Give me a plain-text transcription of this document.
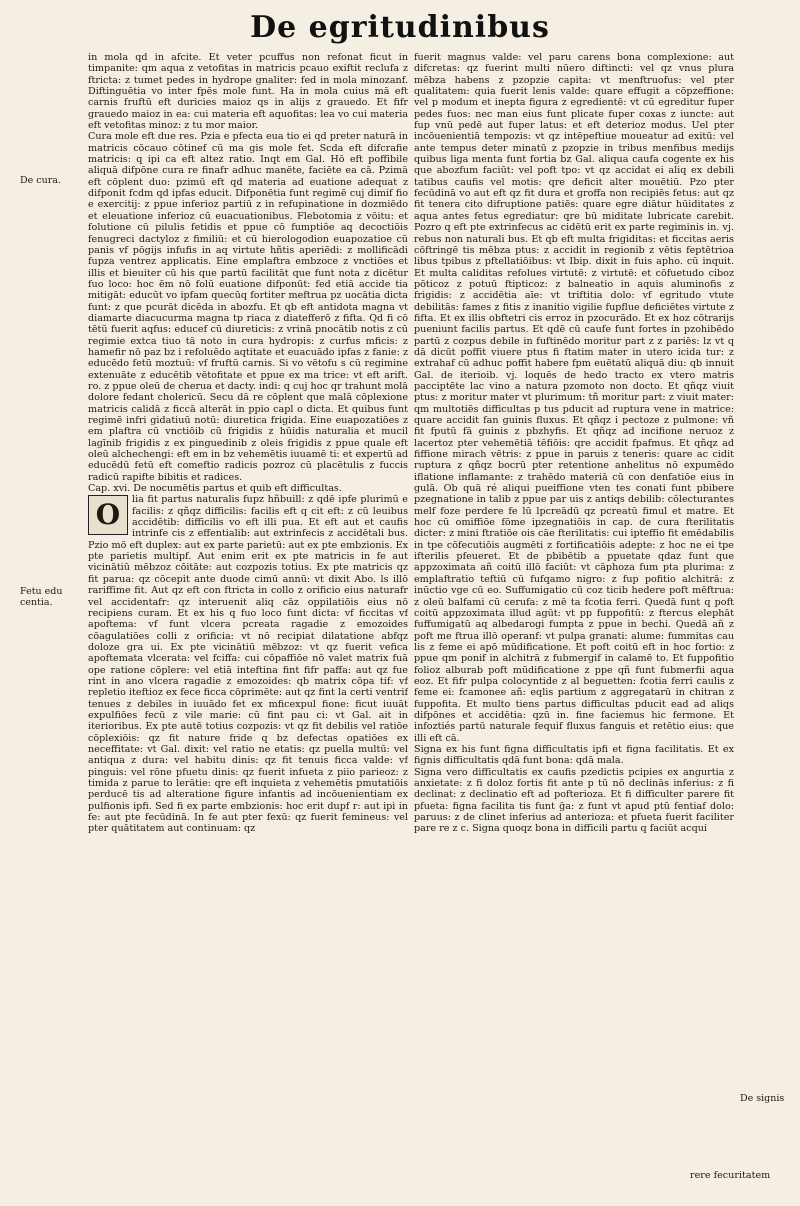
De egritudinibus
De cura.
Fetu edu
centia.
De signis

in mola qd in afcite. Et veter pcuffus non refonat ficut in timpanite: qm aqua z vetofitas in matricis pcauo exiftit reclufa z ftricta: z tumet pedes in hydrope gnaliter: fed in mola minozanf. Diftinguētia vo inter fpēs mole funt. Ha in mola cuius mā eft carnis fruftū eft duricies maioz qs in alijs z grauedo. Et fifr grauedo maioz in ea: cui materia eft aquofitas: lea vo cui materia eft vetofitas minoz: z tu mor maior.

Cura mole eft due res. Pzia e pfecta eua tio ei qd preter naturā in matricis cōcauo cōtinef cū ma gis mole fet. Scda eft difcrafie matricis: q ipi ca eft altez ratio. Inqt em Gal. Hō eft poffibile aliquā difpōne cura re finafr adhuc manēte, faciēte ea cā. Pzimā eft cōplent duo: pzimū eft qd materia ad euatione adequat z difponit fcdm qd ipfas educit. Difponētia funt regimē cuj dimif fio e exercitij: z ppue inferioz partiū z in refupinatione in dozmiēdo et eleuatione inferioz cū euacuationibus. Flebotomia z vōitu: et folutione cū pilulis fetidis et ppue cō fumptiōe aq decoctiōis fenugreci dactyloz z fimiliū: et cū hierologodion euapozatioe cū panis vf pōgijs infufis in aq virtute hñtis aperiēdi: z mollificādi fupza ventrez applicatis. Eine emplaftra embzoce z vnctiōes et illis et bieuiter cū his que partū facilitāt que funt nota z dicētur fuo loco: hoc ēm nō folū euatione difponūt: fed etiā accide tia mitigāt: educūt vo ipfam quecūq fortiter meftrua pz uocātia dicta funt: z que pcurāt dicēda in abozfu. Et qb eft antidota magna vt diamarte diacucurma magna tp riaca z diatefferō z fifta. Qd fi cō tētū fuerit aqfus: educef cū diureticis: z vrinā pnocātib notis z cū regimie extca tiuo tā noto in cura hydropis: z curfus mficis: z hamefir nō paz bz i refoluēdo aqtitate et euacuādo ipfas z fanie: z educēdo fetū moztuū: vf fruftū carnis. Si vo vētofu s cū regimine extenuāte z educētib vētofitate et ppue ex ma trice: vt eft arift. ro. z ppue oleū de cherua et dacty. indi: q cuj hoc qr trahunt molā dolore fedant cholericū. Secu dā re cōplent que malā cōplexione matricis calidā z ficcā alterāt in ppio capl o dicta. Et quibus funt regimē infri gidatiuū notū: diuretica frigida. Eine euapozatiōes z em plaftra cū vnctiōib cū frigidis z hūidis naturalia et mucil lagīnib frigidis z ex pinguedinib z oleis frigidis z ppue quale eft oleū alchechengi: eft em in bz vehemētis iuuamē ti: et expertū ad educēdū fetū eft comeftio radicis pozroz cū placētulis z fuccis radicū rapifte bibitis et radices.

Cap. xvi. De nocumētis partus et quib eft difficultas.

O	lia fit partus naturalis fupz hñbuill: z qdē ipfe plurimū e facilis: z qñqz difficilis: facilis eft q cit eft: z cū leuibus accidētib: difficilis vo eft illi pua. Et eft aut et caufis intrinfe cis z effentialib: aut extrinfecis z accidētali bus. Pzio mō eft duplex: aut ex parte parietū: aut ex pte embzionis. Ex pte parietis multipf. Aut enim erit ex pte matricis in fe aut vicinātiū mēbzoz cōitāte: aut cozpozis totius. Ex pte matricis qz fit parua: qz cōcepit ante duode cimū annū: vt dixit Abo. ls illō rariffime fit. Aut qz eft con ftricta in collo z orificio eius naturafr vel accidentafr: qz interuenit aliq cāz oppilatiōis eius nō recipiens curam. Et ex his q fuo loco funt dicta: vf ficcitas vf apoftema: vf funt vlcera pcreata ragadie z emozoides cōagulatiōes colli z orificia: vt nō recipiat dilatatione abfqz doloze gra ui. Ex pte vicinātiū mēbzoz: vt qz fuerit vefica apoftemata vlcerata: vel fciffa: cui cōpaffiōe nō valet matrix fuā ope ratione cōplere: vel etiā inteftina fint fifr paffa: aut qz fue rint in ano vlcera ragadie z emozoides: qb matrix cōpa tif: vf repletio iteftioz ex fece ficca cōprimēte: aut qz fint la certi ventrif tenues z debiles in iuuādo fet ex mficexpul fione: ficut iuuāt expulfiōes fecū z vile marie: cū fint pau ci: vt Gal. ait in iterioribus. Ex pte autē totius cozpozis: vt qz fit debilis vel ratiōe cōplexiōis: qz fit nature fride q bz defectas opatiōes ex neceffitate: vt Gal. dixit: vel ratio ne etatis: qz puella multū: vel antiqua z dura: vel habitu dinis: qz fit tenuis ficca valde: vf pinguis: vel rōne pfuetu dinis: qz fuerit infueta z piio parieoz: z timida z parue to lerātie: qre eft inquieta z vehemētis pmutatiōis perducē tis ad alteratione figure infantis ad incōuenientiam ex pulfionis ipfi. Sed fi ex parte embzionis: hoc erit dupf r: aut ipi in fe: aut pte fecūdinā. In fe aut pter fexū: qz fuerit femineus: vel pter quātitatem aut continuam: qz

fuerit magnus valde: vel paru carens bona complexione: aut difcretas: qz fuerint multi nūero diftincti: vel qz vnus plura mēbza habens z pzopzie capita: vt menftruofus: vel pter qualitatem: quia fuerit lenis valde: quare effugit a cōpzeffione: vel p modum et inepta figura z egredientē: vt cū egreditur fuper pedes fuos: nec man eius funt plicate fuper coxas z iuncte: aut fup vnū pedē aut fuper latus: et eft deterioz modus. Uel pter incōuenientiā tempozis: vt qz intēpeftiue moueatur ad exitū: vel ante tempus deter minatū z pzopzie in tribus menfibus medijs quibus liga menta funt fortia bz Gal. aliqua caufa cogente ex his que abozfum faciūt: vel poft tpo: vt qz accidat ei aliq ex debili tatibus caufis vel motis: qre deficit alter mouētiū. Pzo pter fecūdinā vo aut eft qz fit dura et groffa non recipiēs fetus: aut qz fit tenera cito difruptione patiēs: quare egre diātur hūiditates z aqua antes fetus egrediatur: qre bū miditate lubricate carebit. Pozro q eft pte extrinfecus ac cidētū erit ex parte regiminis in. vj. rebus non naturali bus. Et qb eft multa frigiditas: et ficcitas aeris cōftringē tis mēbza ptus: z accidit in regionib z vētis feptētrioa libus tpibus z pftellatiōibus: vt Ibip. dixit in fuis apho. cū inquit. Et multa caliditas refolues virtutē: z virtutē: et cōfuetudo ciboz pōticoz z potuū ftipticoz: z balneatio in aquis aluminofis z frigidis: z accidētia aīe: vt triftitia dolo: vf egritudo vtute debilitās: fames z fitis z inanitio vigilie fupflue deficiētes virtute z fifta. Et ex illis obftetri cis erroz in pzocurādo. Et ex hoz cōtrarijs pueniunt facilis partus. Et qdē cū caufe funt fortes in pzohibēdo partū z cozpus debile in fuftinēdo moritur part z z pariēs: lz vt q dā dicūt poffit viuere ptus fi ftatim mater in utero icida tur: z extrahaf cū adhuc poffit habere fpm euētatū aliquā diu: qb innuit Gal. de iterioib. vj. loquēs de hedo tracto ex vtero matris pacciptēte lac vino a natura pzomoto non docto. Et qñqz viuit ptus: z moritur mater vt plurimum: tñ moritur part: z viuit mater: qm multotiēs difficultas p tus pducit ad ruptura vene in matrice: quare accidit fan guinis fluxus. Et qñqz i pectoze z pulmone: vñ fit fputū fā guinis z pbzhyfis. Et qñqz ad incifione neruoz z lacertoz pter vehemētiā tēfiōis: qre accidit fpafmus. Et qñqz ad fiffione mirach vētris: z ppue in paruis z teneris: quare ac cidit ruptura z qñqz bocrū pter retentione anhelitus nō expumēdo iflatione inflamante: z trahēdo materiā cū con denfatiōe eius in gulā. Ob quā ré aliqui pueiffione vten tes conati funt pbibere pzegnatione in talib z ppue par uis z antiqs debilib: cōlecturantes melf foze perdere fe lū lpcreādū qz pcreatū fimul et matre. Et hoc cū omiffiōe fōme ipzegnatiōis in cap. de cura fterilitatis dicter: z mini ftratiōe ois cāe fterilitatis: cui ipteffio fit emēdabilis in tpe cōfecutiōis augmēti z fortificatiōis adepte: z hoc ne ei tpe ifterilis pfeueret. Et de pbibētib a ppuetate qdaz funt que appzoximata añ coitū illō faciūt: vt cāphoza fum pta plurima: z emplaftratio teftiū cū fufqamo nigro: z fup pofitio alchitrā: z inūctio vge cū eo. Suffumigatio cū coz ticib hedere poft mēftrua: z oleū balfami cū cerufa: z mē ta fcotia ferri. Quedā funt q poft coitū appzoximata illud agūt: vt pp fuppofitū: z ftercus elephāt fuffumigatū aq albedarogi fumpta z ppue in bechi. Quedā añ z poft me ftrua illō operanf: vt pulpa granati: alume: fummitas cau lis z feme ei apō mūdificatione. Et poft coitū eft in hoc fortio: z ppue qm ponif in alchitrā z fubmergif in calamē to. Et fuppofitio folioz alburab poft mūdificatione z ppe qñ funt fubmerfii aqua eoz. Et fifr pulpa colocyntide z al beguetten: fcotia ferri caulis z feme ei: fcamonee añ: eqlis partium z aggregatarū in chitran z fuppofita. Et multo tiens partus difficultas pducit ead ad aliqs difpōnes et accidētia: qzū in. fine faciemus hic fermone. Et infoztiés partū naturale fequif fluxus fanguis et retētio eius: que illi eft cā.

Signa ex his funt figna difficultatis ipfi et figna facilitatis. Et ex fignis difficultatis qdā funt bona: qdā mala.

Signa vero difficultatis ex caufis pzedictis pcipies ex angurtia z anxietate: z fi doloz fortis fit ante p tū nō declinās inferius: z fi declinat: z declinatio eft ad pofterioza. Et fi difficulter parere fit pfueta: figna facilita tis funt ḡa: z funt vt apud ptū fentiaf dolo: paruus: z de clinet inferius ad anterioza: et pfueta fuerit faciliter pare re z c. Signa quoqz bona in difficili partu q faciūt acqui

rere fecuritatem
